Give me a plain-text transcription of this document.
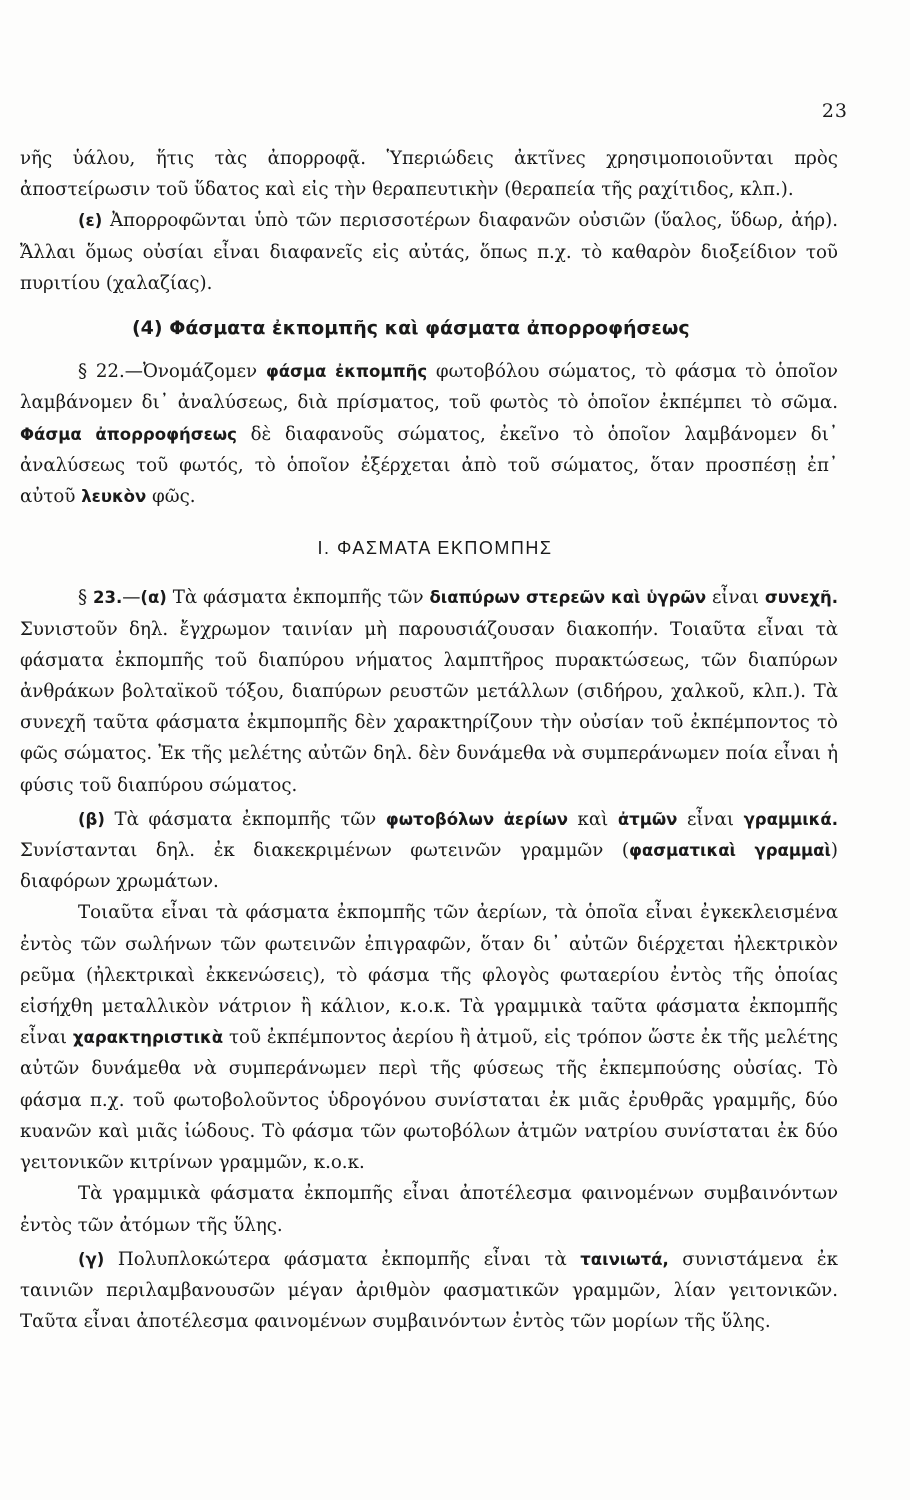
23

νῆς ὑάλου, ἥτις τὰς ἀπορροφᾷ. Ὑπεριώδεις ἀκτῖνες χρησιμοποιοῦνται πρὸς ἀποστείρωσιν τοῦ ὕδατος καὶ εἰς τὴν θεραπευτικὴν (θεραπεία τῆς ραχίτιδος, κλπ.).

(ε) Ἀπορροφῶνται ὑπὸ τῶν περισσοτέρων διαφανῶν οὐσιῶν (ὕαλος, ὕδωρ, ἀήρ). Ἄλλαι ὅμως οὐσίαι εἶναι διαφανεῖς εἰς αὐτάς, ὅπως π.χ. τὸ καθαρὸν διοξείδιον τοῦ πυριτίου (χαλαζίας).

(4) Φάσματα ἐκπομπῆς καὶ φάσματα ἀπορροφήσεως

§ 22.—Ὀνομάζομεν φάσμα ἐκπομπῆς φωτοβόλου σώματος, τὸ φάσμα τὸ ὁποῖον λαμβάνομεν δι᾿ ἀναλύσεως, διὰ πρίσματος, τοῦ φωτὸς τὸ ὁποῖον ἐκπέμπει τὸ σῶμα. Φάσμα ἀπορροφήσεως δὲ διαφανοῦς σώματος, ἐκεῖνο τὸ ὁποῖον λαμβάνομεν δι᾿ ἀναλύσεως τοῦ φωτός, τὸ ὁποῖον ἐξέρχεται ἀπὸ τοῦ σώματος, ὅταν προσπέσῃ ἐπ᾿ αὐτοῦ λευκὸν φῶς.

I. ΦΑΣΜΑΤΑ ΕΚΠΟΜΠΗΣ

§ 23.—(α) Τὰ φάσματα ἐκπομπῆς τῶν διαπύρων στερεῶν καὶ ὑγρῶν εἶναι συνεχῆ. Συνιστοῦν δηλ. ἔγχρωμον ταινίαν μὴ παρουσιάζουσαν διακοπήν. Τοιαῦτα εἶναι τὰ φάσματα ἐκπομπῆς τοῦ διαπύρου νήματος λαμπτῆρος πυρακτώσεως, τῶν διαπύρων ἀνθράκων βολταϊκοῦ τόξου, διαπύρων ρευστῶν μετάλλων (σιδήρου, χαλκοῦ, κλπ.). Τὰ συνεχῆ ταῦτα φάσματα ἐκμπομπῆς δὲν χαρακτηρίζουν τὴν οὐσίαν τοῦ ἐκπέμποντος τὸ φῶς σώματος. Ἐκ τῆς μελέτης αὐτῶν δηλ. δὲν δυνάμεθα νὰ συμπεράνωμεν ποία εἶναι ἡ φύσις τοῦ διαπύρου σώματος.

(β) Τὰ φάσματα ἐκπομπῆς τῶν φωτοβόλων ἀερίων καὶ ἀτμῶν εἶναι γραμμικά. Συνίστανται δηλ. ἐκ διακεκριμένων φωτεινῶν γραμμῶν (φασματικαὶ γραμμαὶ) διαφόρων χρωμάτων.

Τοιαῦτα εἶναι τὰ φάσματα ἐκπομπῆς τῶν ἀερίων, τὰ ὁποῖα εἶναι ἐγκεκλεισμένα ἐντὸς τῶν σωλήνων τῶν φωτεινῶν ἐπιγραφῶν, ὅταν δι᾿ αὐτῶν διέρχεται ἠλεκτρικὸν ρεῦμα (ἠλεκτρικαὶ ἐκκενώσεις), τὸ φάσμα τῆς φλογὸς φωταερίου ἐντὸς τῆς ὁποίας εἰσήχθη μεταλλικὸν νάτριον ἢ κάλιον, κ.ο.κ. Τὰ γραμμικὰ ταῦτα φάσματα ἐκπομπῆς εἶναι χαρακτηριστικὰ τοῦ ἐκπέμποντος ἀερίου ἢ ἀτμοῦ, εἰς τρόπον ὥστε ἐκ τῆς μελέτης αὐτῶν δυνάμεθα νὰ συμπεράνωμεν περὶ τῆς φύσεως τῆς ἐκπεμπούσης οὐσίας. Τὸ φάσμα π.χ. τοῦ φωτοβολοῦντος ὑδρογόνου συνίσταται ἐκ μιᾶς ἐρυθρᾶς γραμμῆς, δύο κυανῶν καὶ μιᾶς ἰώδους. Τὸ φάσμα τῶν φωτοβόλων ἀτμῶν νατρίου συνίσταται ἐκ δύο γειτονικῶν κιτρίνων γραμμῶν, κ.ο.κ.

Τὰ γραμμικὰ φάσματα ἐκπομπῆς εἶναι ἀποτέλεσμα φαινομένων συμβαινόντων ἐντὸς τῶν ἀτόμων τῆς ὕλης.

(γ) Πολυπλοκώτερα φάσματα ἐκπομπῆς εἶναι τὰ ταινιωτά, συνιστάμενα ἐκ ταινιῶν περιλαμβανουσῶν μέγαν ἀριθμὸν φασματικῶν γραμμῶν, λίαν γειτονικῶν. Ταῦτα εἶναι ἀποτέλεσμα φαινομένων συμβαινόντων ἐντὸς τῶν μορίων τῆς ὕλης.
